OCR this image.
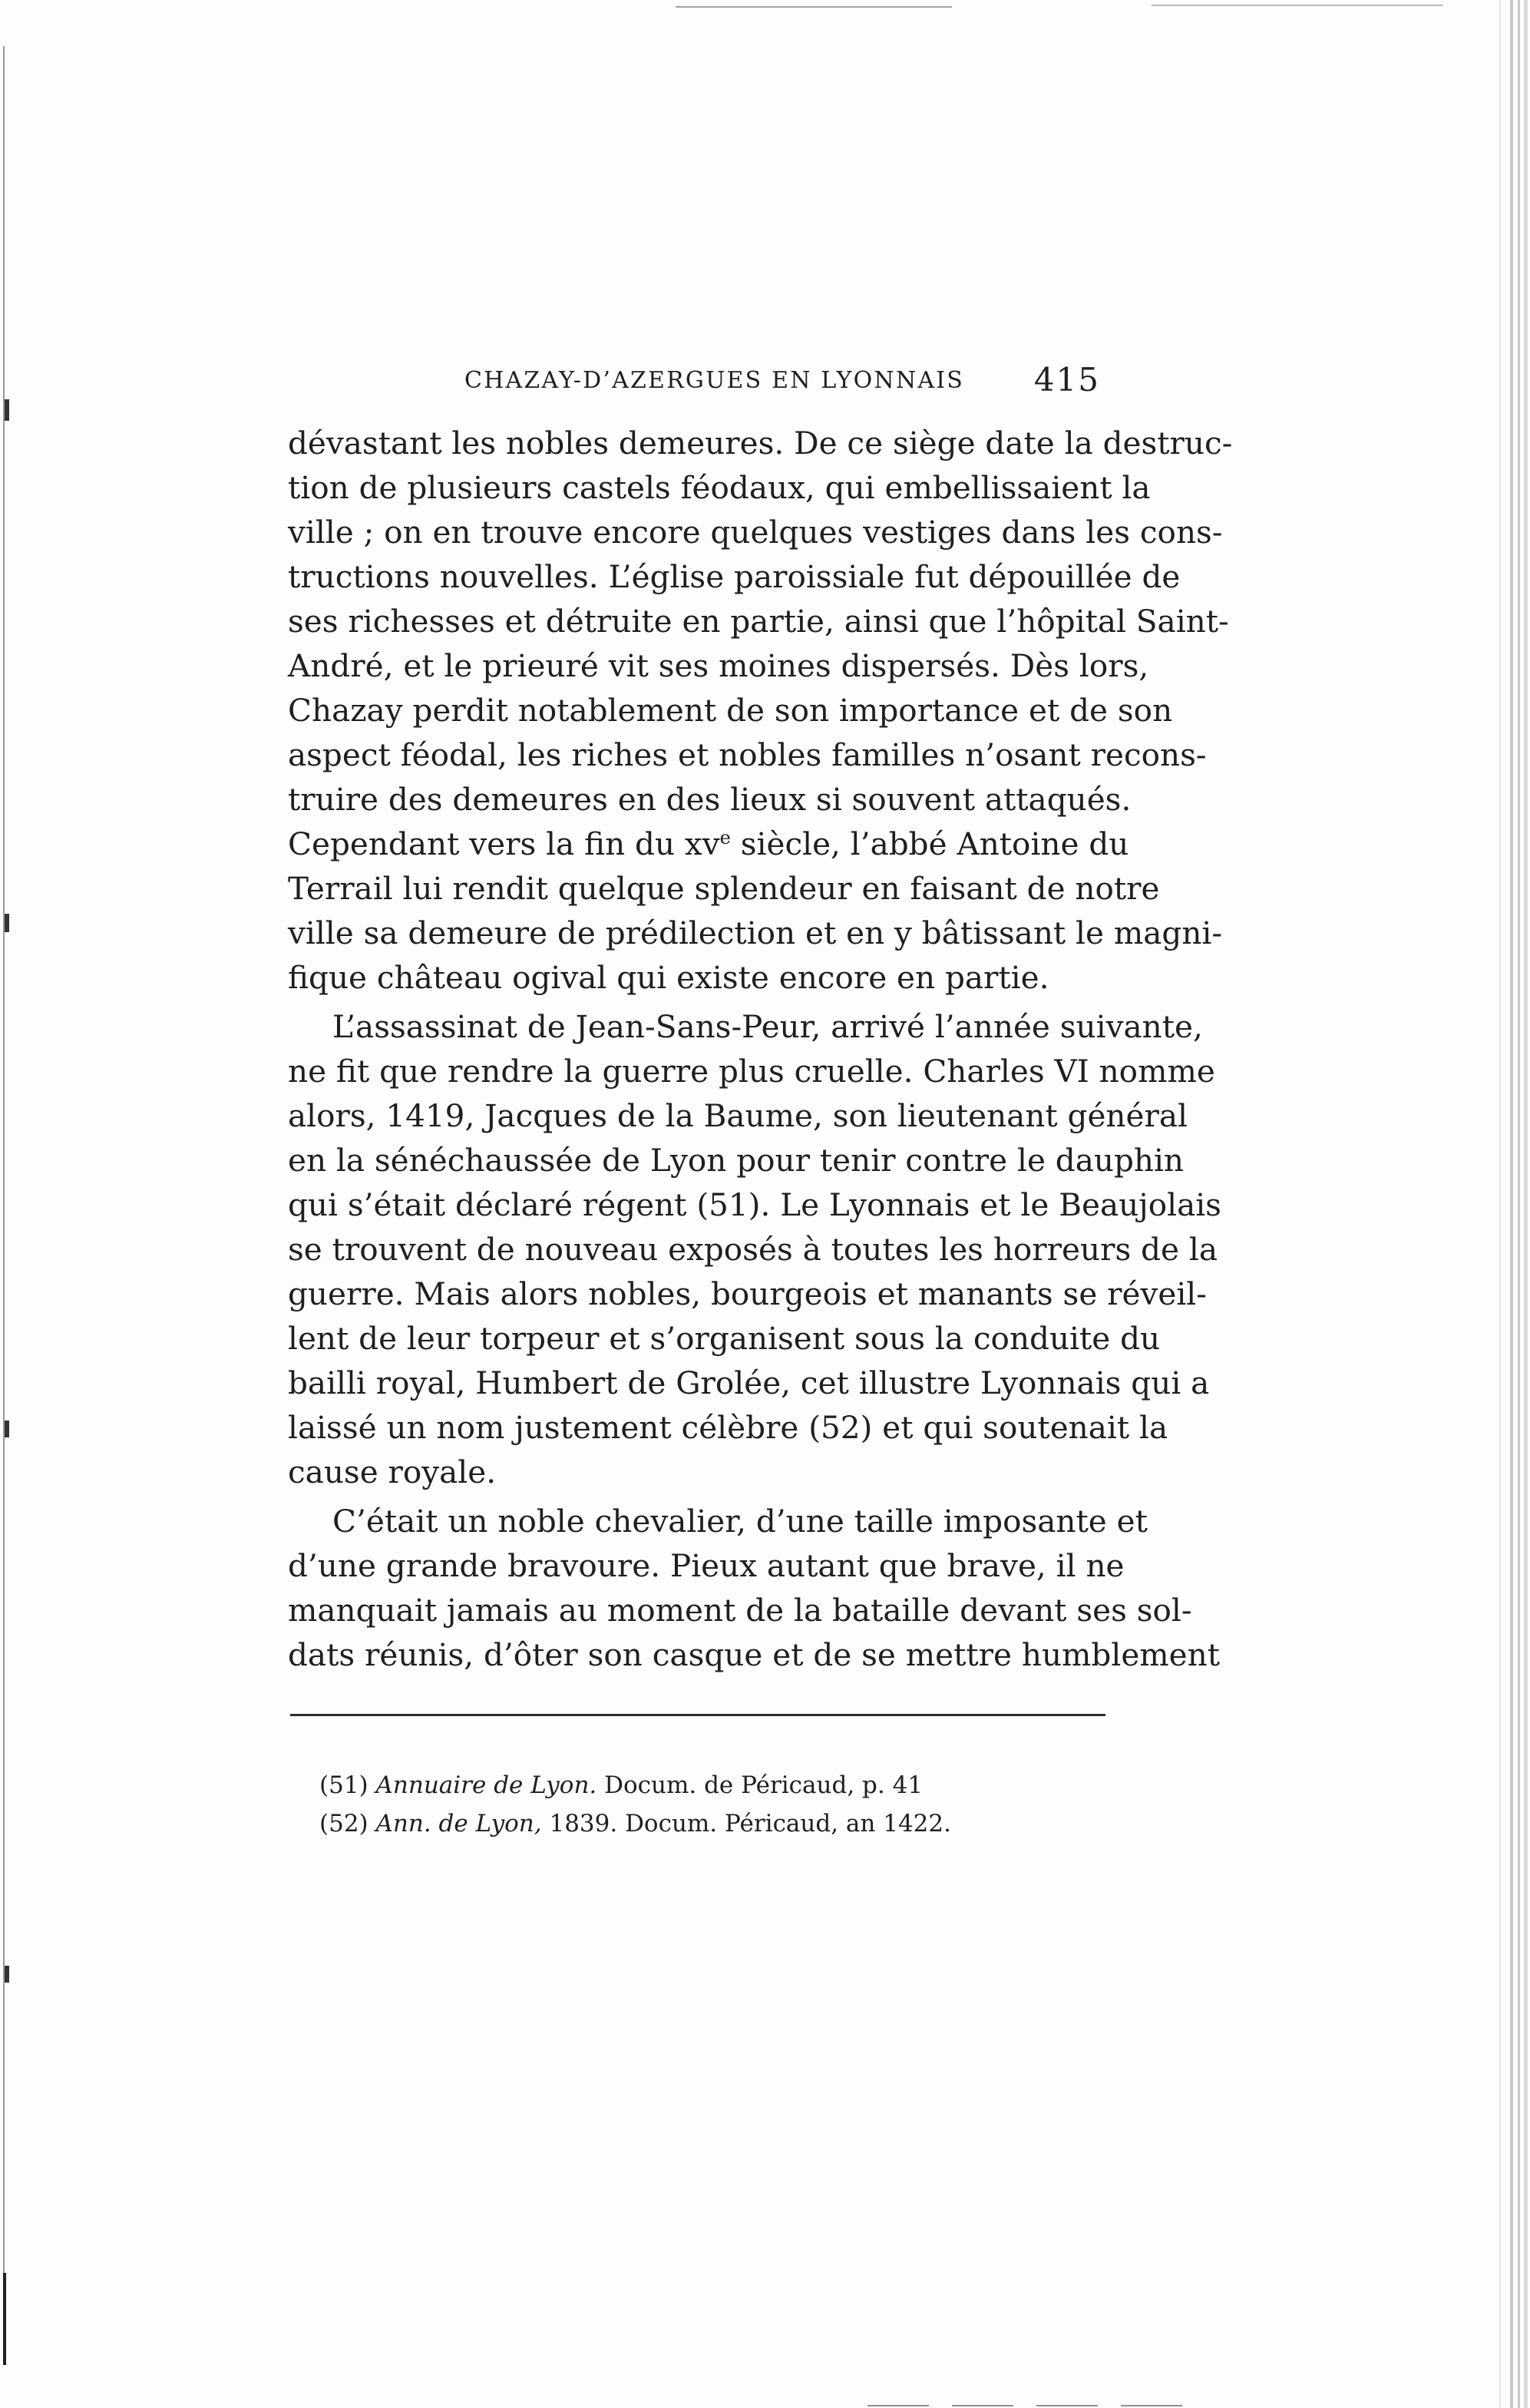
CHAZAY-D’AZERGUES EN LYONNAIS 415
dévastant les nobles demeures. De ce siège date la destruc-
tion de plusieurs castels féodaux, qui embellissaient la
ville ; on en trouve encore quelques vestiges dans les cons-
tructions nouvelles. L’église paroissiale fut dépouillée de
ses richesses et détruite en partie, ainsi que l’hôpital Saint-
André, et le prieuré vit ses moines dispersés. Dès lors,
Chazay perdit notablement de son importance et de son
aspect féodal, les riches et nobles familles n’osant recons-
truire des demeures en des lieux si souvent attaqués.
Cependant vers la fin du $xv^e$ siècle, l’abbé Antoine du
Terrail lui rendit quelque splendeur en faisant de notre
ville sa demeure de prédilection et en y bâtissant le magni-
fique château ogival qui existe encore en partie.
L’assassinat de Jean-Sans-Peur, arrivé l’année suivante,
ne fit que rendre la guerre plus cruelle. Charles VI nomme
alors, 1419, Jacques de la Baume, son lieutenant général
en la sénéchaussée de Lyon pour tenir contre le dauphin
qui s’était déclaré régent (51). Le Lyonnais et le Beaujolais
se trouvent de nouveau exposés à toutes les horreurs de la
guerre. Mais alors nobles, bourgeois et manants se réveil-
lent de leur torpeur et s’organisent sous la conduite du
bailli royal, Humbert de Grolée, cet illustre Lyonnais qui a
laissé un nom justement célèbre (52) et qui soutenait la
cause royale.
C’était un noble chevalier, d’une taille imposante et
d’une grande bravoure. Pieux autant que brave, il ne
manquait jamais au moment de la bataille devant ses sol-
dats réunis, d’ôter son casque et de se mettre humblement
(51) Annuaire de Lyon. Docum. de Péricaud, p. 41
(52) Ann. de Lyon, 1839. Docum. Péricaud, an 1422.
